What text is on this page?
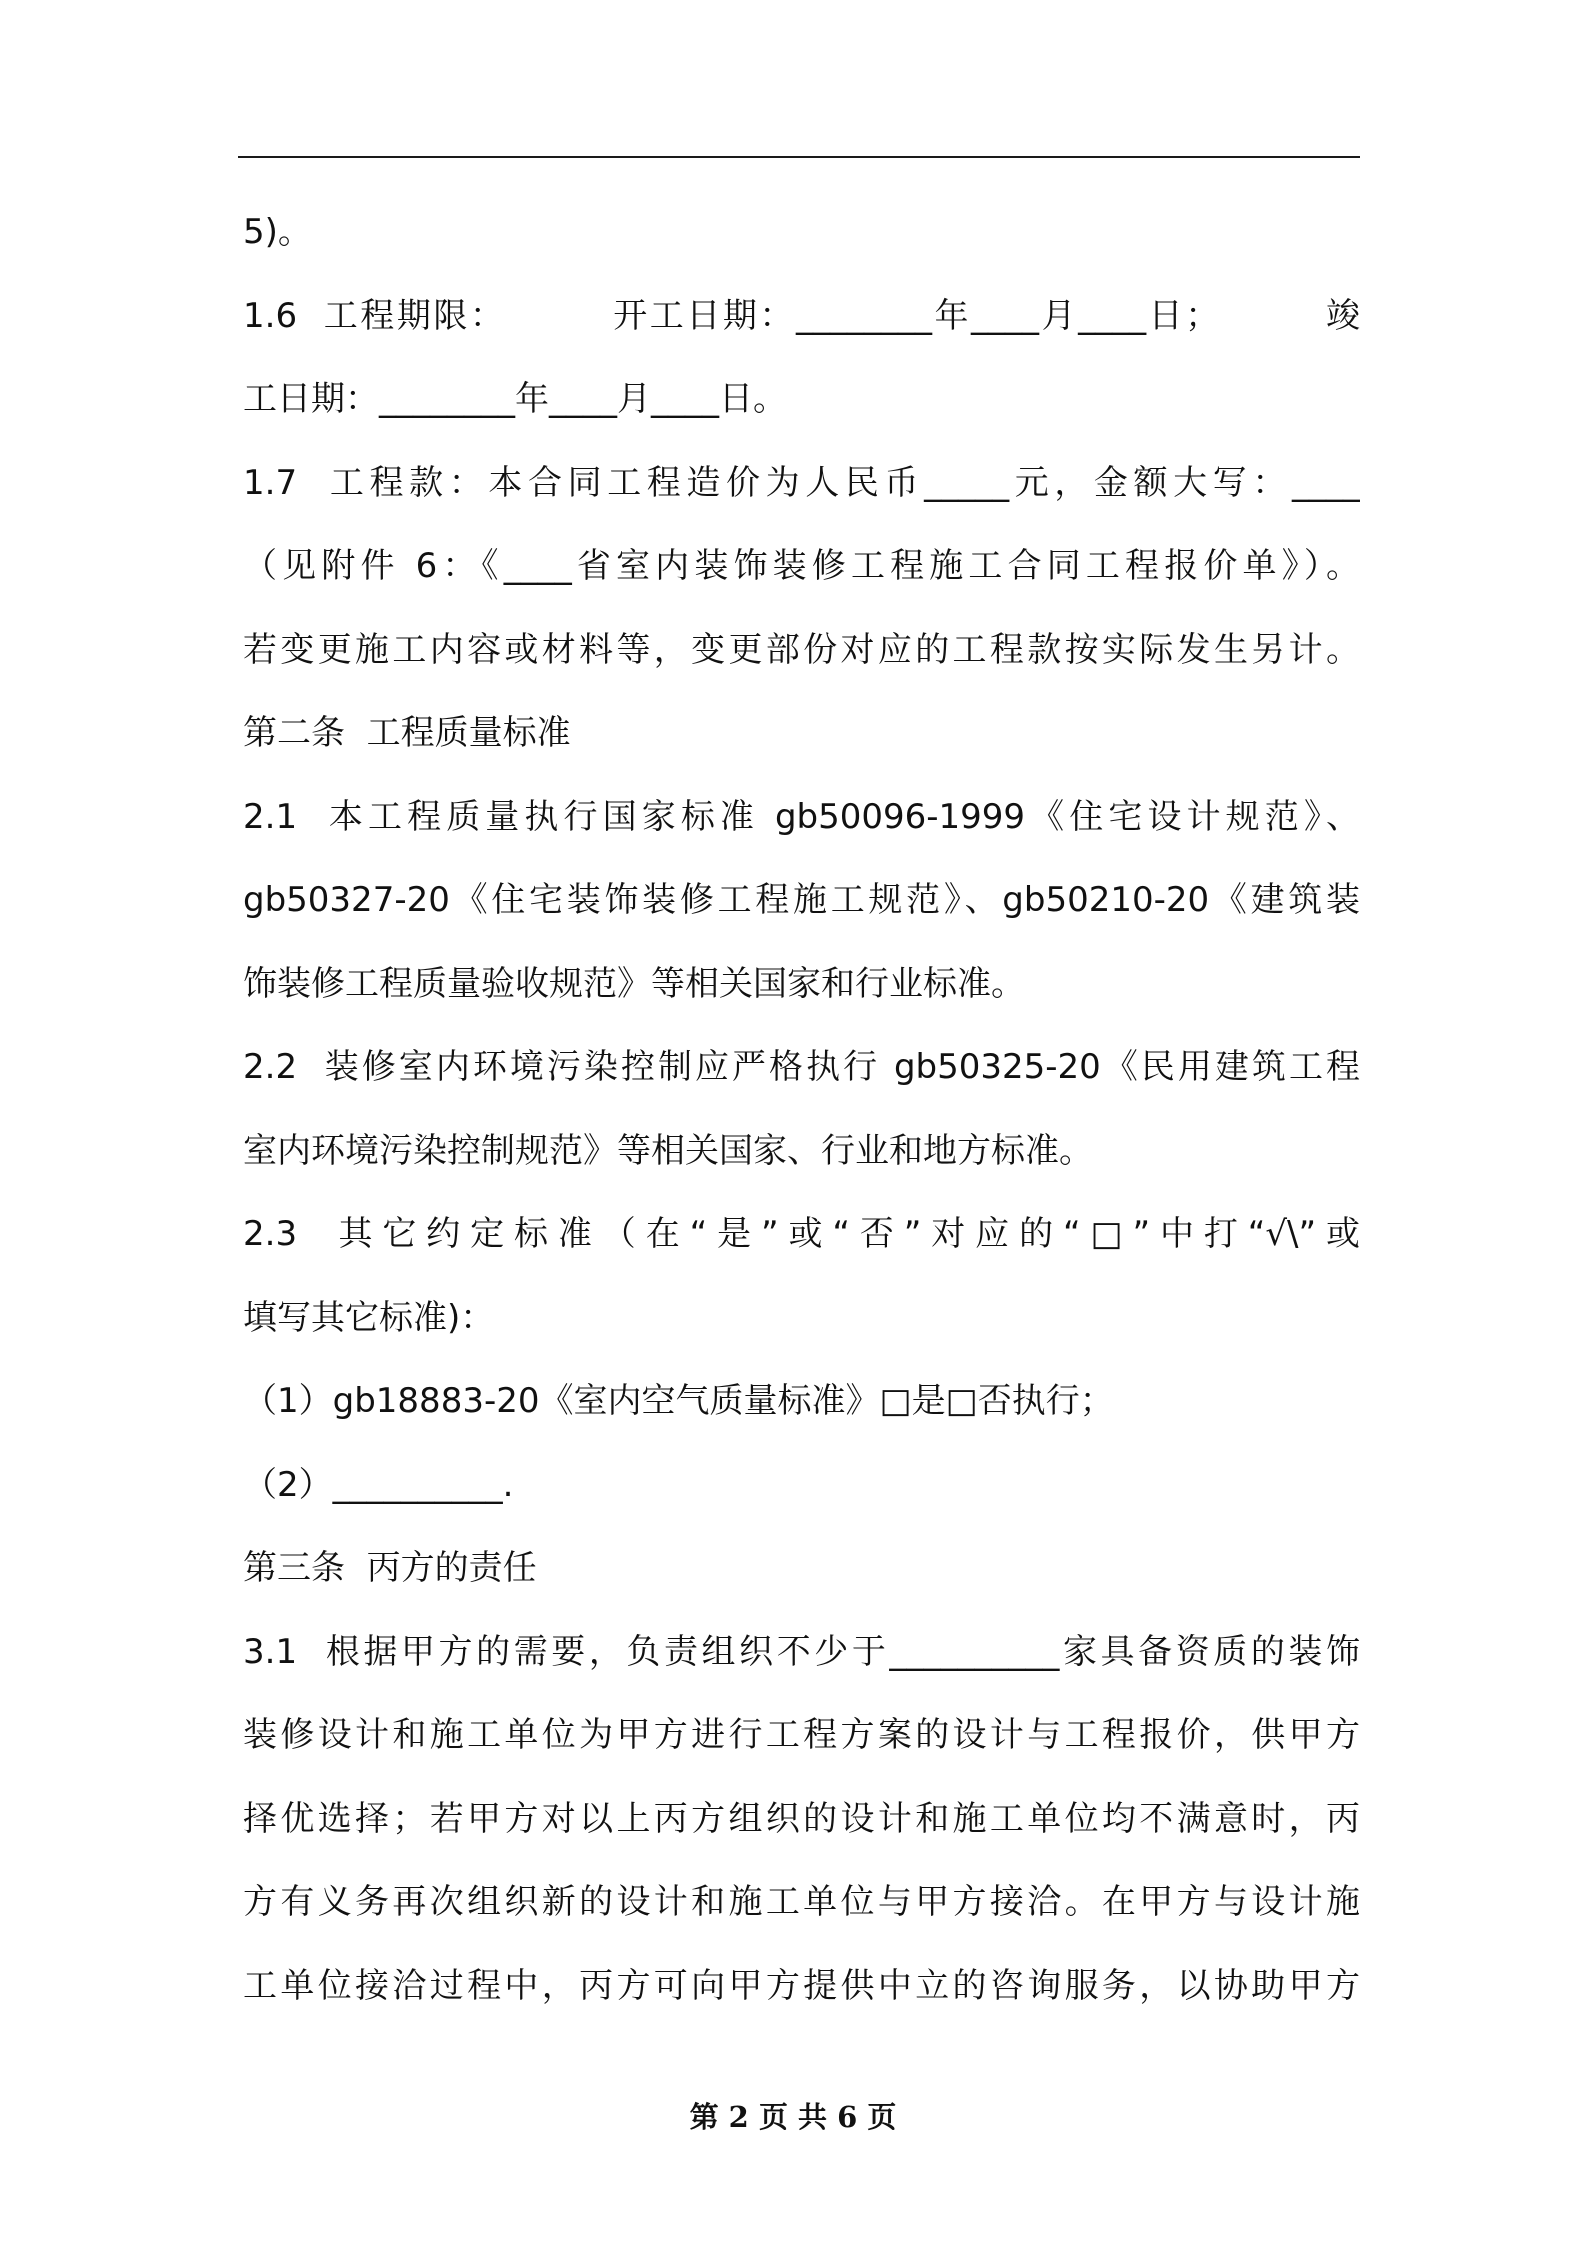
5)。
1.6  工程期限：        开工日期：________年____月____日；        竣
工日期：________年____月____日。
1.7  工程款：本合同工程造价为人民币_____元，金额大写：____
（见附件 6：《____省室内装饰装修工程施工合同工程报价单》）。
若变更施工内容或材料等，变更部份对应的工程款按实际发生另计。
第二条  工程质量标准
2.1  本工程质量执行国家标准 gb50096-1999《住宅设计规范》、
gb50327-20《住宅装饰装修工程施工规范》、gb50210-20《建筑装
饰装修工程质量验收规范》等相关国家和行业标准。
2.2  装修室内环境污染控制应严格执行 gb50325-20《民用建筑工程
室内环境污染控制规范》等相关国家、行业和地方标准。
2.3  其它约定标准（在“是”或“否”对应的“□”中打“√\”或
填写其它标准)：
（1）gb18883-20《室内空气质量标准》□是□否执行；
（2）__________.
第三条  丙方的责任
3.1  根据甲方的需要，负责组织不少于__________家具备资质的装饰
装修设计和施工单位为甲方进行工程方案的设计与工程报价，供甲方
择优选择；若甲方对以上丙方组织的设计和施工单位均不满意时，丙
方有义务再次组织新的设计和施工单位与甲方接洽。在甲方与设计施
工单位接洽过程中，丙方可向甲方提供中立的咨询服务，以协助甲方
第 2 页 共 6 页
